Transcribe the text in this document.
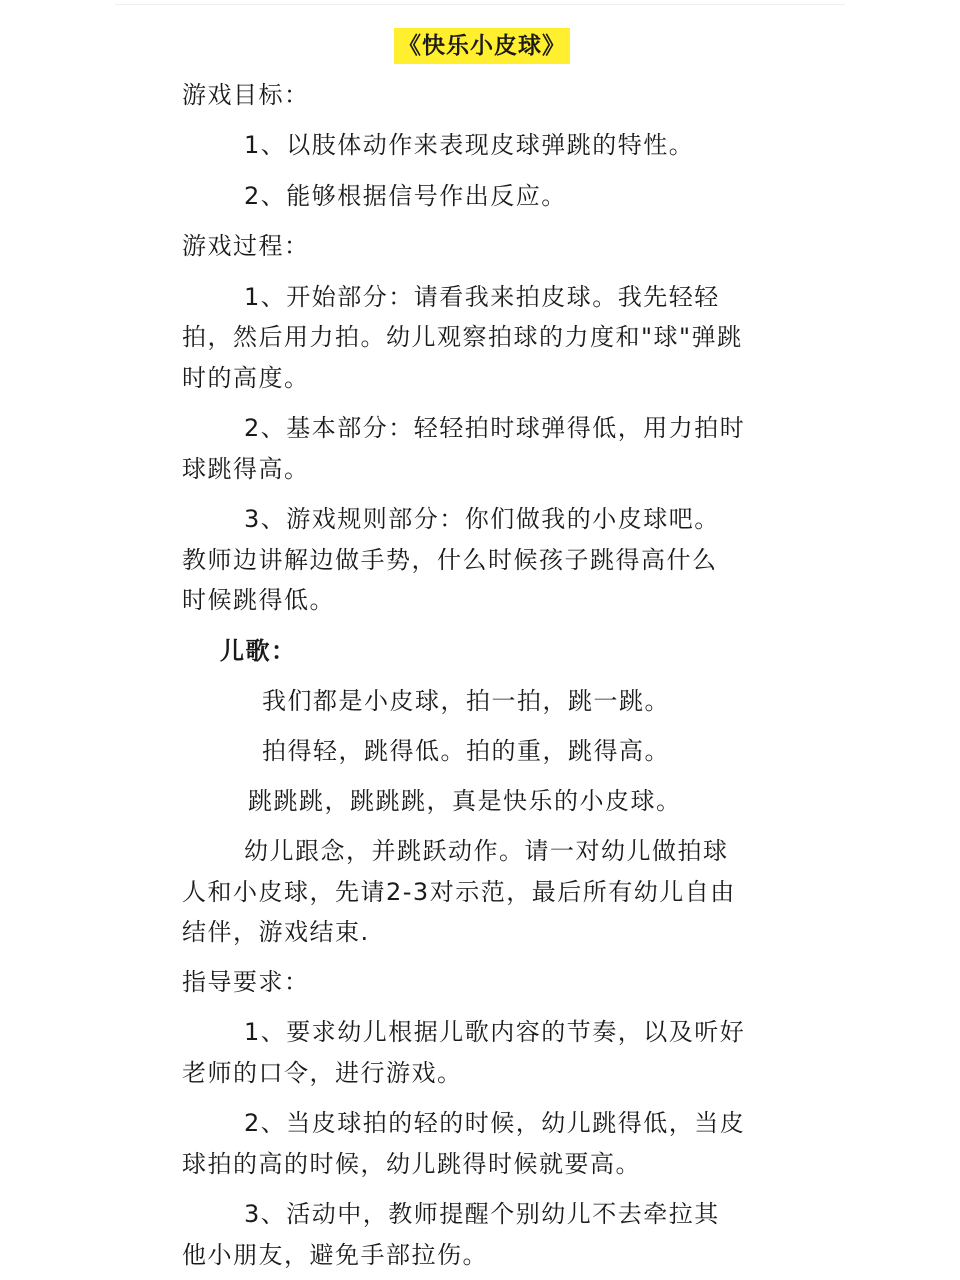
《快乐小皮球》
游戏目标：
1、以肢体动作来表现皮球弹跳的特性。
2、能够根据信号作出反应。
游戏过程：
1、开始部分：请看我来拍皮球。我先轻轻
拍，然后用力拍。幼儿观察拍球的力度和"球"弹跳
时的高度。
2、基本部分：轻轻拍时球弹得低，用力拍时
球跳得高。
3、游戏规则部分：你们做我的小皮球吧。
教师边讲解边做手势，什么时候孩子跳得高什么
时候跳得低。
儿歌：
我们都是小皮球，拍一拍，跳一跳。
拍得轻，跳得低。拍的重，跳得高。
跳跳跳，跳跳跳，真是快乐的小皮球。
幼儿跟念，并跳跃动作。请一对幼儿做拍球
人和小皮球，先请2-3对示范，最后所有幼儿自由
结伴，游戏结束.
指导要求：
1、要求幼儿根据儿歌内容的节奏，以及听好
老师的口令，进行游戏。
2、当皮球拍的轻的时候，幼儿跳得低，当皮
球拍的高的时候，幼儿跳得时候就要高。
3、活动中，教师提醒个别幼儿不去牵拉其
他小朋友，避免手部拉伤。
